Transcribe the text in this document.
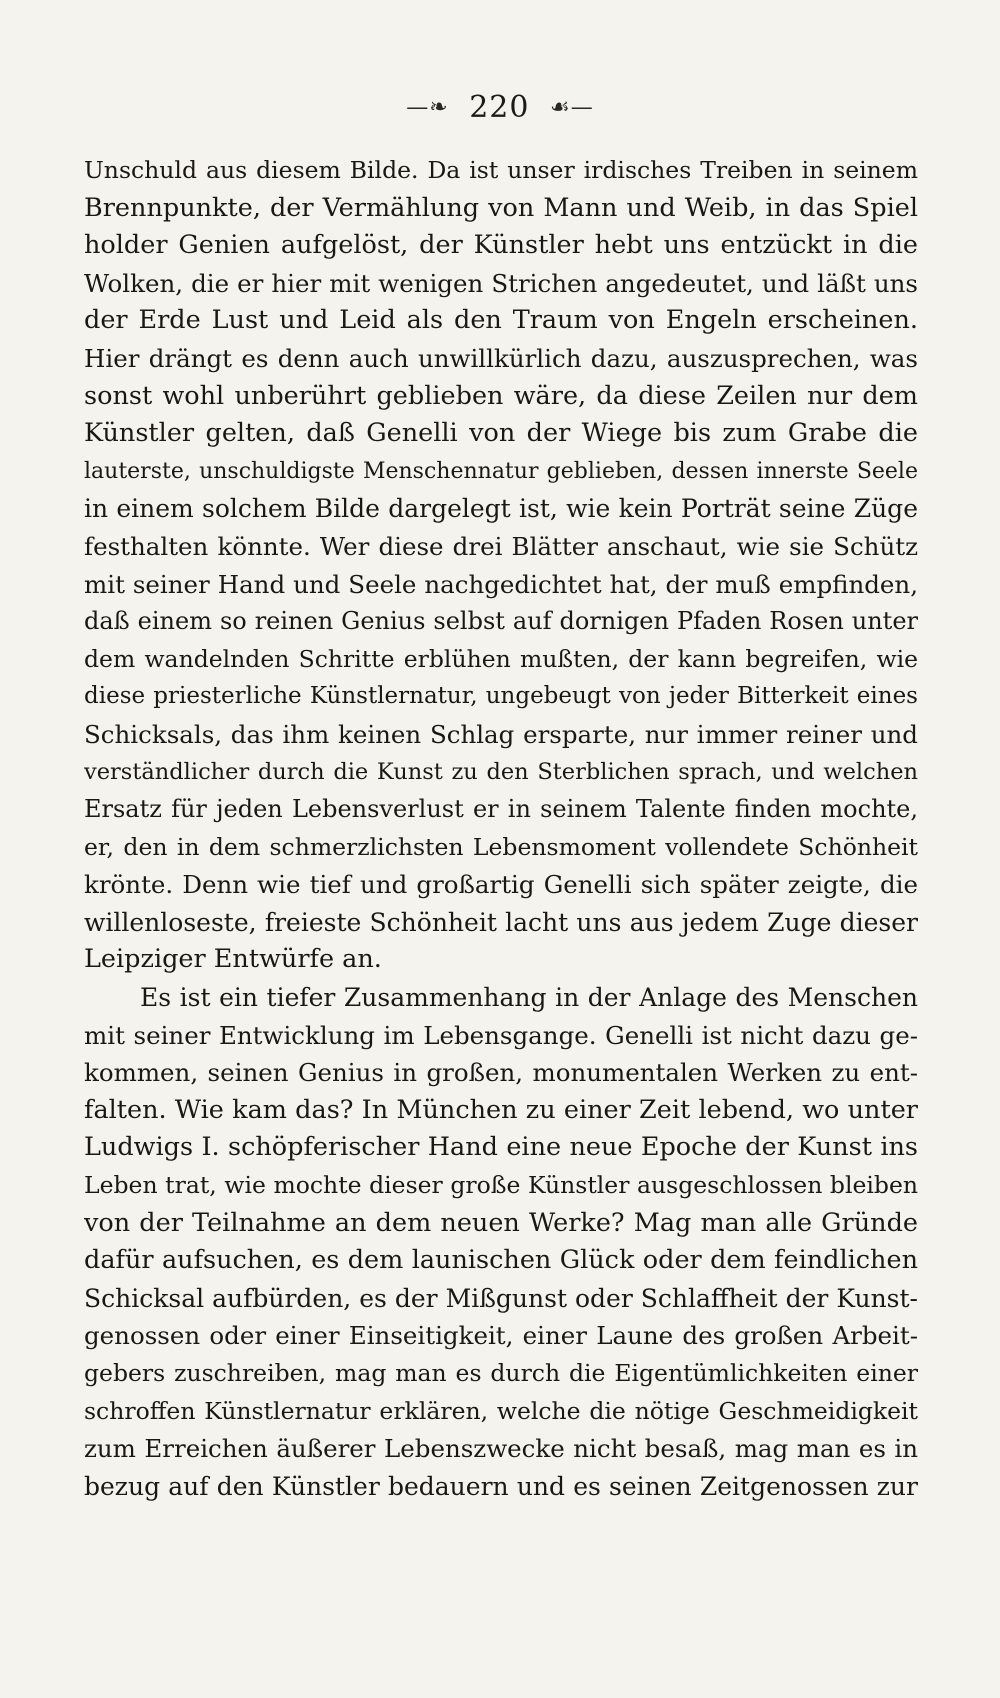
—❧ 220 ☙—
Unschuld aus diesem Bilde. Da ist unser irdisches Treiben in seinem
Brennpunkte, der Vermählung von Mann und Weib, in das Spiel
holder Genien aufgelöst, der Künstler hebt uns entzückt in die
Wolken, die er hier mit wenigen Strichen angedeutet, und läßt uns
der Erde Lust und Leid als den Traum von Engeln erscheinen.
Hier drängt es denn auch unwillkürlich dazu, auszusprechen, was
sonst wohl unberührt geblieben wäre, da diese Zeilen nur dem
Künstler gelten, daß Genelli von der Wiege bis zum Grabe die
lauterste, unschuldigste Menschennatur geblieben, dessen innerste Seele
in einem solchem Bilde dargelegt ist, wie kein Porträt seine Züge
festhalten könnte. Wer diese drei Blätter anschaut, wie sie Schütz
mit seiner Hand und Seele nachgedichtet hat, der muß empfinden,
daß einem so reinen Genius selbst auf dornigen Pfaden Rosen unter
dem wandelnden Schritte erblühen mußten, der kann begreifen, wie
diese priesterliche Künstlernatur, ungebeugt von jeder Bitterkeit eines
Schicksals, das ihm keinen Schlag ersparte, nur immer reiner und
verständlicher durch die Kunst zu den Sterblichen sprach, und welchen
Ersatz für jeden Lebensverlust er in seinem Talente finden mochte,
er, den in dem schmerzlichsten Lebensmoment vollendete Schönheit
krönte. Denn wie tief und großartig Genelli sich später zeigte, die
willenloseste, freieste Schönheit lacht uns aus jedem Zuge dieser
Leipziger Entwürfe an.
Es ist ein tiefer Zusammenhang in der Anlage des Menschen
mit seiner Entwicklung im Lebensgange. Genelli ist nicht dazu ge-
kommen, seinen Genius in großen, monumentalen Werken zu ent-
falten. Wie kam das? In München zu einer Zeit lebend, wo unter
Ludwigs I. schöpferischer Hand eine neue Epoche der Kunst ins
Leben trat, wie mochte dieser große Künstler ausgeschlossen bleiben
von der Teilnahme an dem neuen Werke? Mag man alle Gründe
dafür aufsuchen, es dem launischen Glück oder dem feindlichen
Schicksal aufbürden, es der Mißgunst oder Schlaffheit der Kunst-
genossen oder einer Einseitigkeit, einer Laune des großen Arbeit-
gebers zuschreiben, mag man es durch die Eigentümlichkeiten einer
schroffen Künstlernatur erklären, welche die nötige Geschmeidigkeit
zum Erreichen äußerer Lebenszwecke nicht besaß, mag man es in
bezug auf den Künstler bedauern und es seinen Zeitgenossen zur
